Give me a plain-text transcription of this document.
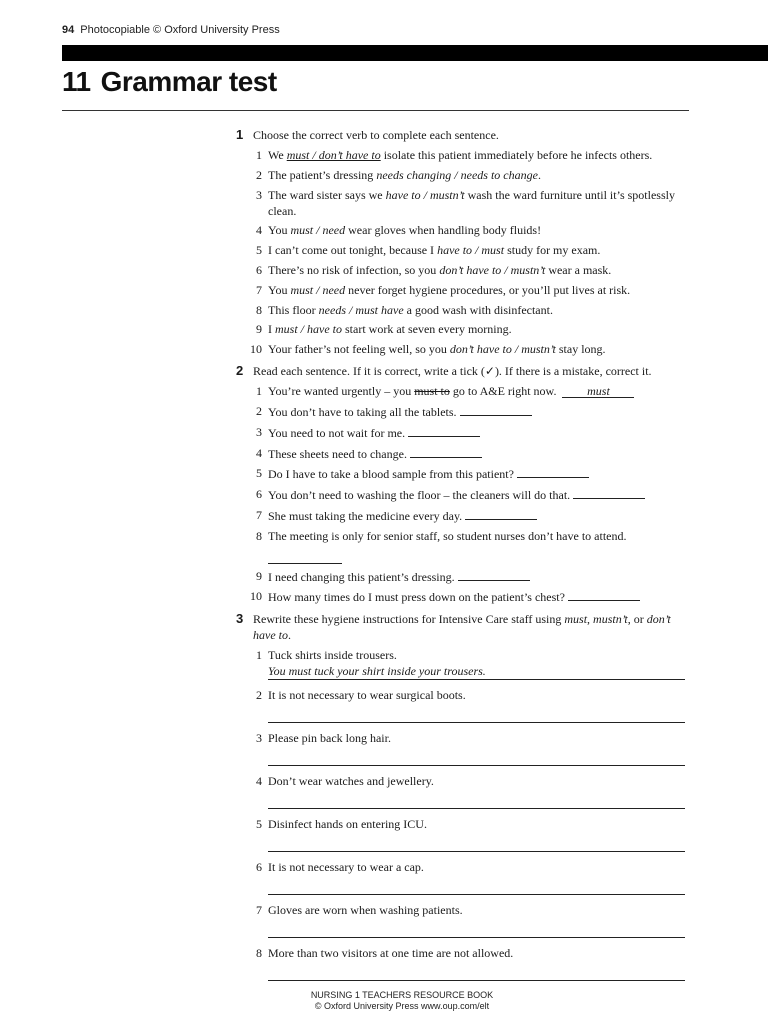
94 Photocopiable © Oxford University Press
11 Grammar test
1 Choose the correct verb to complete each sentence.
1 We must / don’t have to isolate this patient immediately before he infects others.
2 The patient’s dressing needs changing / needs to change.
3 The ward sister says we have to / mustn’t wash the ward furniture until it’s spotlessly clean.
4 You must / need wear gloves when handling body fluids!
5 I can’t come out tonight, because I have to / must study for my exam.
6 There’s no risk of infection, so you don’t have to / mustn’t wear a mask.
7 You must / need never forget hygiene procedures, or you’ll put lives at risk.
8 This floor needs / must have a good wash with disinfectant.
9 I must / have to start work at seven every morning.
10 Your father’s not feeling well, so you don’t have to / mustn’t stay long.
2 Read each sentence. If it is correct, write a tick (✓). If there is a mistake, correct it.
1 You’re wanted urgently – you must to go to A&E right now.	must
2 You don’t have to taking all the tablets.
3 You need to not wait for me.
4 These sheets need to change.
5 Do I have to take a blood sample from this patient?
6 You don’t need to washing the floor – the cleaners will do that.
7 She must taking the medicine every day.
8 The meeting is only for senior staff, so student nurses don’t have to attend.
9 I need changing this patient’s dressing.
10 How many times do I must press down on the patient’s chest?
3 Rewrite these hygiene instructions for Intensive Care staff using must, mustn’t, or don’t have to.
1 Tuck shirts inside trousers.
You must tuck your shirt inside your trousers.
2 It is not necessary to wear surgical boots.
3 Please pin back long hair.
4 Don’t wear watches and jewellery.
5 Disinfect hands on entering ICU.
6 It is not necessary to wear a cap.
7 Gloves are worn when washing patients.
8 More than two visitors at one time are not allowed.
NURSING 1 TEACHERS RESOURCE BOOK
© Oxford University Press www.oup.com/elt
